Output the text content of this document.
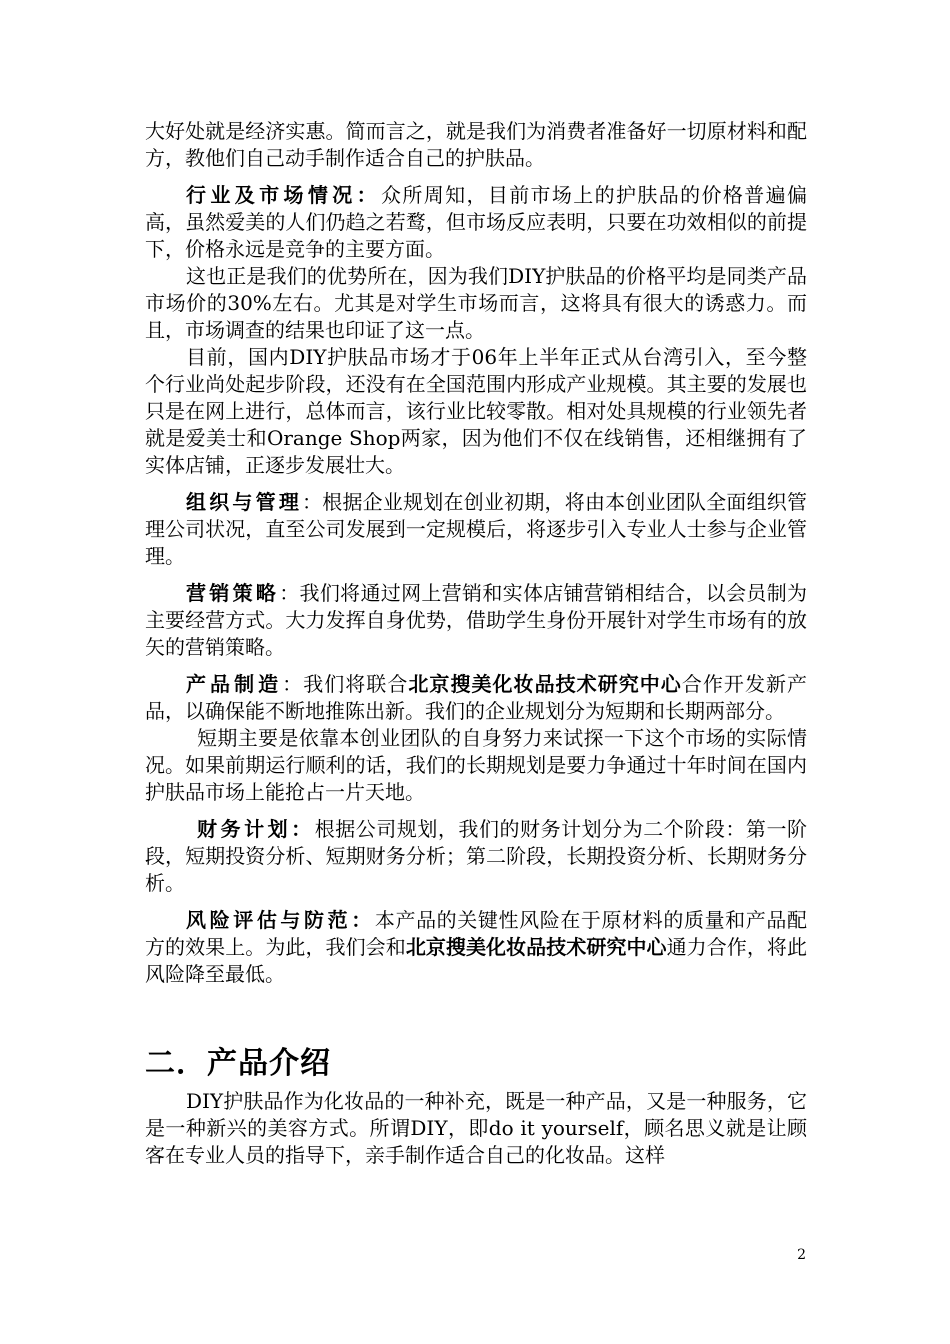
大好处就是经济实惠。简而言之，就是我们为消费者准备好一切原材料和配方，教他们自己动手制作适合自己的护肤品。

行业及市场情况：众所周知，目前市场上的护肤品的价格普遍偏高，虽然爱美的人们仍趋之若鹜，但市场反应表明，只要在功效相似的前提下，价格永远是竞争的主要方面。

这也正是我们的优势所在，因为我们DIY护肤品的价格平均是同类产品市场价的30%左右。尤其是对学生市场而言，这将具有很大的诱惑力。而且，市场调查的结果也印证了这一点。

目前，国内DIY护肤品市场才于06年上半年正式从台湾引入，至今整个行业尚处起步阶段，还没有在全国范围内形成产业规模。其主要的发展也只是在网上进行，总体而言，该行业比较零散。相对处具规模的行业领先者就是爱美士和Orange Shop两家，因为他们不仅在线销售，还相继拥有了实体店铺，正逐步发展壮大。

组织与管理：根据企业规划在创业初期，将由本创业团队全面组织管理公司状况，直至公司发展到一定规模后，将逐步引入专业人士参与企业管理。

营销策略：我们将通过网上营销和实体店铺营销相结合，以会员制为主要经营方式。大力发挥自身优势，借助学生身份开展针对学生市场有的放矢的营销策略。

产品制造：我们将联合北京搜美化妆品技术研究中心合作开发新产品，以确保能不断地推陈出新。我们的企业规划分为短期和长期两部分。

短期主要是依靠本创业团队的自身努力来试探一下这个市场的实际情况。如果前期运行顺利的话，我们的长期规划是要力争通过十年时间在国内护肤品市场上能抢占一片天地。

财务计划：根据公司规划，我们的财务计划分为二个阶段：第一阶段，短期投资分析、短期财务分析；第二阶段，长期投资分析、长期财务分析。

风险评估与防范：本产品的关键性风险在于原材料的质量和产品配方的效果上。为此，我们会和北京搜美化妆品技术研究中心通力合作，将此风险降至最低。

二．产品介绍

DIY护肤品作为化妆品的一种补充，既是一种产品，又是一种服务，它是一种新兴的美容方式。所谓DIY，即do it yourself，顾名思义就是让顾客在专业人员的指导下，亲手制作适合自己的化妆品。这样

2
